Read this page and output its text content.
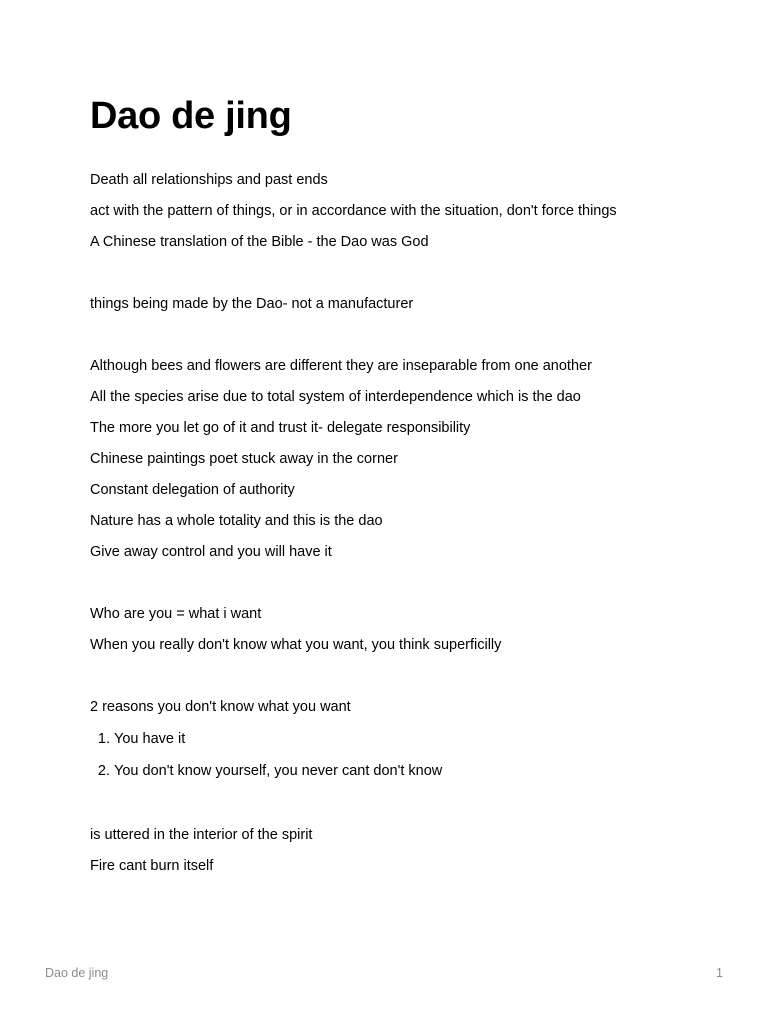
Dao de jing

Death all relationships and past ends

act with the pattern of things, or in accordance with the situation, don't force things

A Chinese translation of the Bible - the Dao was God

things being made by the Dao- not a manufacturer

Although bees and flowers are different they are inseparable from one another

All the species arise due to total system of interdependence which is the dao

The more you let go of it and trust it- delegate responsibility

Chinese paintings poet stuck away in the corner

Constant delegation of authority

Nature has a whole totality and this is the dao

Give away control and you will have it

Who are you = what i want

When you really don't know what you want, you think superficilly

2 reasons you don't know what you want

1. You have it
2. You don't know yourself, you never cant don't know

is uttered in the interior of the spirit

Fire cant burn itself

Dao de jing	1
